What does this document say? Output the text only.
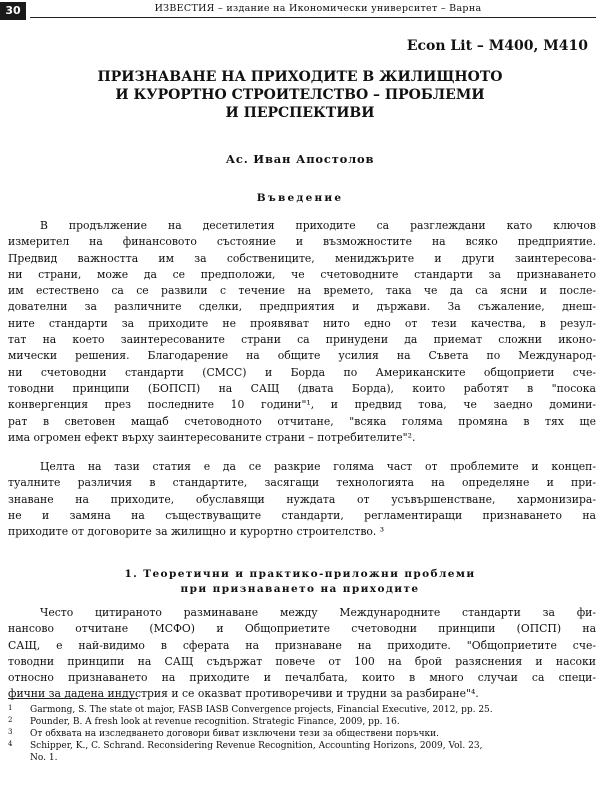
30	ИЗВЕСТИЯ – издание на Икономически университет – Варна
Econ Lit – M400, M410
ПРИЗНАВАНЕ НА ПРИХОДИТЕ В ЖИЛИЩНОТО
И КУРОРТНО СТРОИТЕЛСТВО – ПРОБЛЕМИ
И ПЕРСПЕКТИВИ
Ас. Иван Апостолов
Въведение

В продължение на десетилетия приходите са разглеждани като ключов
измерител на финансовото състояние и възможностите на всяко предприятие.
Предвид важността им за собствениците, мениджърите и други заинтересова-
ни страни, може да се предположи, че счетоводните стандарти за признаването
им естествено са се развили с течение на времето, така че да са ясни и после-
дователни за различните сделки, предприятия и държави. За съжаление, днеш-
ните стандарти за приходите не проявяват нито едно от тези качества, в резул-
тат на което заинтересованите страни са принудени да приемат сложни иконо-
мически решения. Благодарение на общите усилия на Съвета по Международ-
ни счетоводни стандарти (СМСС) и Борда по Американските общоприети сче-
товодни принципи (БОПСП) на САЩ (двата Борда), които работят в "посока
конвергенция през последните 10 години"¹, и предвид това, че заедно домини-
рат в световен мащаб счетоводното отчитане, "всяка голяма промяна в тях ще
има огромен ефект върху заинтересованите страни – потребителите"².

Целта на тази статия е да се разкрие голяма част от проблемите и концеп-
туалните различия в стандартите, засягащи технологията на определяне и при-
знаване на приходите, обуславящи нуждата от усъвършенстване, хармонизира-
не и замяна на съществуващите стандарти, регламентиращи признаването на
приходите от договорите за жилищно и курортно строителство. ³

1. Теоретични и практико-приложни проблеми
при признаването на приходите

Често цитираното разминаване между Международните стандарти за фи-
нансово отчитане (МСФО) и Общоприетите счетоводни принципи (ОПСП) на
САЩ, е най-видимо в сферата на признаване на приходите. "Общоприетите сче-
товодни принципи на САЩ съдържат повече от 100 на брой разяснения и насоки
относно признаването на приходите и печалбата, които в много случаи са специ-
фични за дадена индустрия и се оказват противоречиви и трудни за разбиране"⁴.

1 Garmong, S. The state ot major, FASB IASB Convergence projects, Financial Executive, 2012, pp. 25.
2 Pounder, B. A fresh look at revenue recognition. Strategic Finance, 2009, pp. 16.
3 От обхвата на изследването договори биват изключени тези за обществени поръчки.
4 Schipper, K., C. Schrand. Reconsidering Revenue Recognition, Accounting Horizons, 2009, Vol. 23,
No. 1.
